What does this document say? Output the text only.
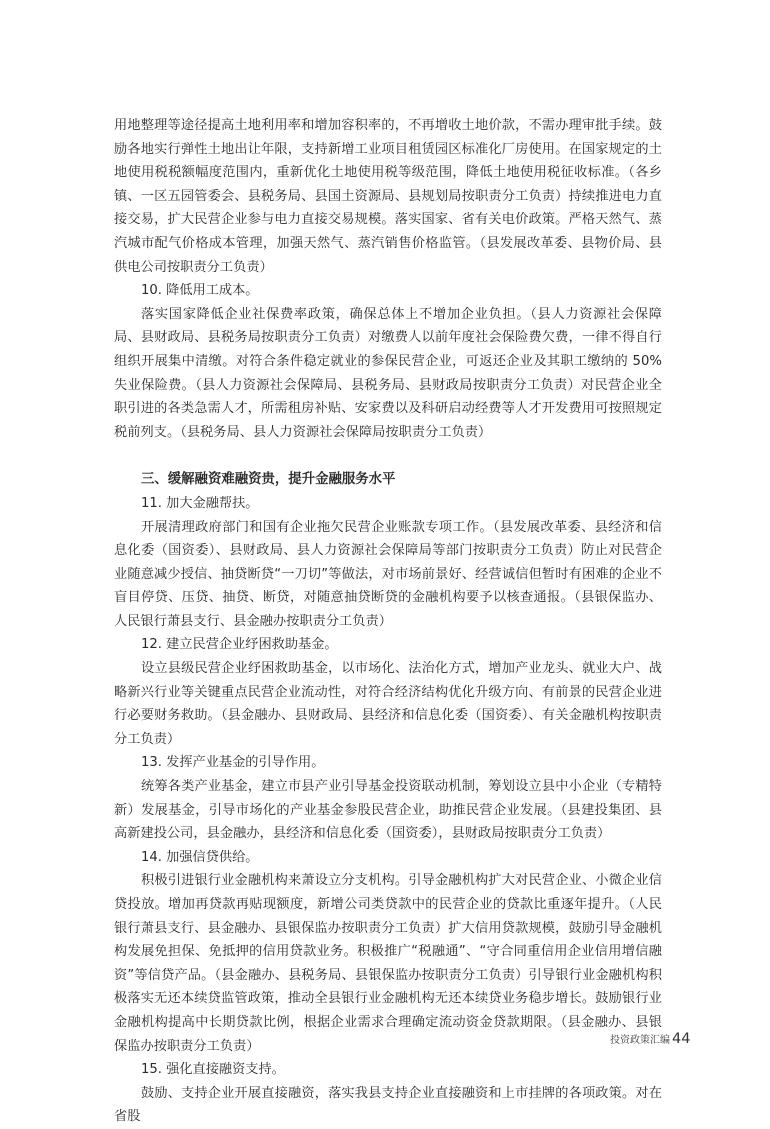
用地整理等途径提高土地利用率和增加容积率的，不再增收土地价款，不需办理审批手续。鼓励各地实行弹性土地出让年限，支持新增工业项目租赁园区标准化厂房使用。在国家规定的土地使用税税额幅度范围内，重新优化土地使用税等级范围，降低土地使用税征收标准。（各乡镇、一区五园管委会、县税务局、县国土资源局、县规划局按职责分工负责）持续推进电力直接交易，扩大民营企业参与电力直接交易规模。落实国家、省有关电价政策。严格天然气、蒸汽城市配气价格成本管理，加强天然气、蒸汽销售价格监管。（县发展改革委、县物价局、县供电公司按职责分工负责）

10. 降低用工成本。

落实国家降低企业社保费率政策，确保总体上不增加企业负担。（县人力资源社会保障局、县财政局、县税务局按职责分工负责）对缴费人以前年度社会保险费欠费，一律不得自行组织开展集中清缴。对符合条件稳定就业的参保民营企业，可返还企业及其职工缴纳的 50% 失业保险费。（县人力资源社会保障局、县税务局、县财政局按职责分工负责）对民营企业全职引进的各类急需人才，所需租房补贴、安家费以及科研启动经费等人才开发费用可按照规定税前列支。（县税务局、县人力资源社会保障局按职责分工负责）

三、缓解融资难融资贵，提升金融服务水平

11. 加大金融帮扶。

开展清理政府部门和国有企业拖欠民营企业账款专项工作。（县发展改革委、县经济和信息化委（国资委）、县财政局、县人力资源社会保障局等部门按职责分工负责）防止对民营企业随意减少授信、抽贷断贷“一刀切”等做法，对市场前景好、经营诚信但暂时有困难的企业不盲目停贷、压贷、抽贷、断贷，对随意抽贷断贷的金融机构要予以核查通报。（县银保监办、人民银行萧县支行、县金融办按职责分工负责）

12. 建立民营企业纾困救助基金。

设立县级民营企业纾困救助基金，以市场化、法治化方式，增加产业龙头、就业大户、战略新兴行业等关键重点民营企业流动性，对符合经济结构优化升级方向、有前景的民营企业进行必要财务救助。（县金融办、县财政局、县经济和信息化委（国资委）、有关金融机构按职责分工负责）

13. 发挥产业基金的引导作用。

统筹各类产业基金，建立市县产业引导基金投资联动机制，筹划设立县中小企业（专精特新）发展基金，引导市场化的产业基金参股民营企业，助推民营企业发展。（县建投集团、县高新建投公司，县金融办，县经济和信息化委（国资委），县财政局按职责分工负责）

14. 加强信贷供给。

积极引进银行业金融机构来萧设立分支机构。引导金融机构扩大对民营企业、小微企业信贷投放。增加再贷款再贴现额度，新增公司类贷款中的民营企业的贷款比重逐年提升。（人民银行萧县支行、县金融办、县银保监办按职责分工负责）扩大信用贷款规模，鼓励引导金融机构发展免担保、免抵押的信用贷款业务。积极推广“税融通”、“守合同重信用企业信用增信融资”等信贷产品。（县金融办、县税务局、县银保监办按职责分工负责）引导银行业金融机构积极落实无还本续贷监管政策，推动全县银行业金融机构无还本续贷业务稳步增长。鼓励银行业金融机构提高中长期贷款比例，根据企业需求合理确定流动资金贷款期限。（县金融办、县银保监办按职责分工负责）

15. 强化直接融资支持。

鼓励、支持企业开展直接融资，落实我县支持企业直接融资和上市挂牌的各项政策。对在省股

投资政策汇编 44
